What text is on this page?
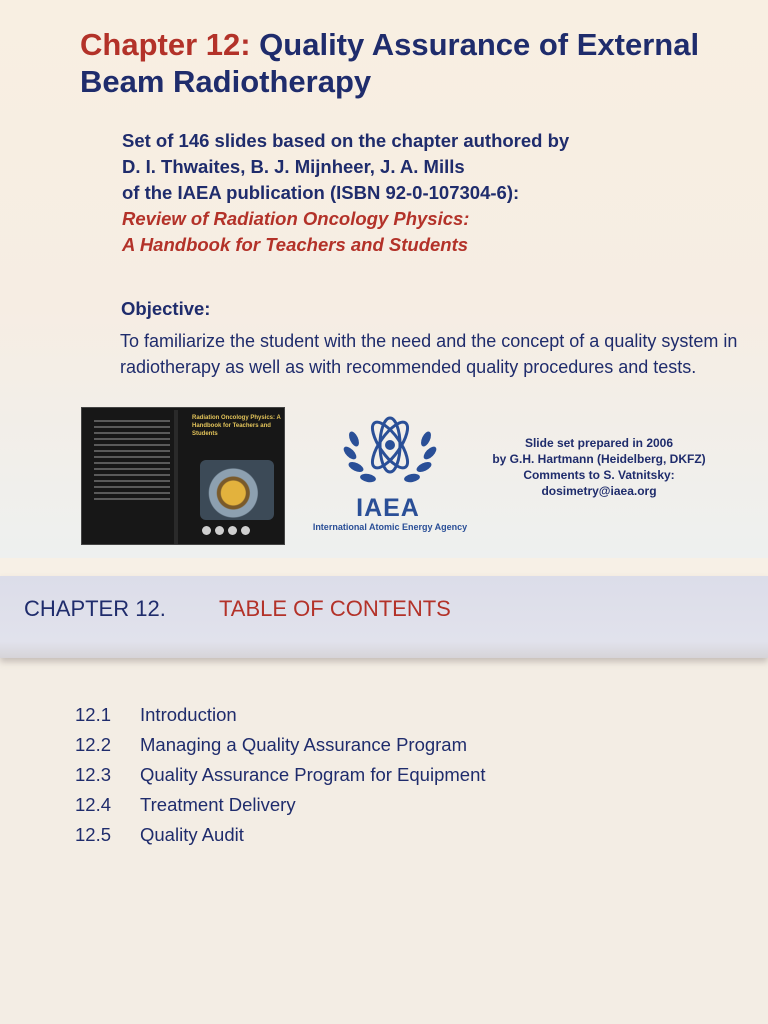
Chapter 12: Quality Assurance of External Beam Radiotherapy
Set of 146 slides based on the chapter authored by
D. I. Thwaites, B. J. Mijnheer, J. A. Mills
of the IAEA publication (ISBN 92-0-107304-6):
Review of Radiation Oncology Physics:
A Handbook for Teachers and Students
Objective:
To familiarize the student with the need and the concept of a quality system in radiotherapy as well as with recommended quality procedures and tests.
Radiation Oncology Physics: A Handbook for Teachers and Students
IAEA
International Atomic Energy Agency
Slide set prepared in 2006
by G.H. Hartmann (Heidelberg, DKFZ)
Comments to S. Vatnitsky:
dosimetry@iaea.org
CHAPTER 12. TABLE OF CONTENTS
12.1	Introduction
12.2	Managing a Quality Assurance Program
12.3	Quality Assurance Program for Equipment
12.4	Treatment Delivery
12.5	Quality Audit
